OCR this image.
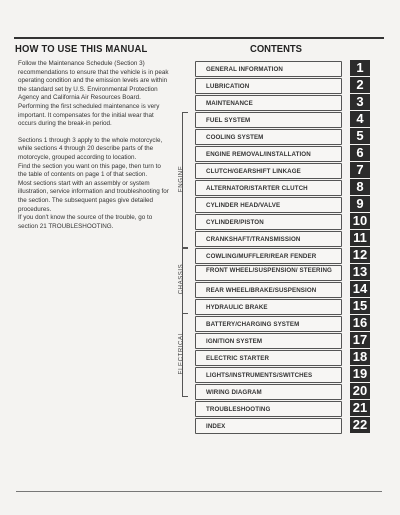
HOW TO USE THIS MANUAL	CONTENTS

Follow the Maintenance Schedule (Section 3) recommendations to ensure that the vehicle is in peak operating condition and the emission levels are within the standard set by U.S. Environmental Protection Agency and California Air Resources Board. Performing the first scheduled maintenance is very important. It compensates for the initial wear that occurs during the break-in period.

Sections 1 through 3 apply to the whole motorcycle, while sections 4 through 20 describe parts of the motorcycle, grouped according to location.
Find the section you want on this page, then turn to the table of contents on page 1 of that section.
Most sections start with an assembly or system illustration, service information and troubleshooting for the section. The subsequent pages give detailed procedures.
If you don't know the source of the trouble, go to section 21 TROUBLESHOOTING.

ENGINE
CHASSIS
ELECTRICAL
GENERAL INFORMATION	1
LUBRICATION	2
MAINTENANCE	3
FUEL SYSTEM	4
COOLING SYSTEM	5
ENGINE REMOVAL/INSTALLATION	6
CLUTCH/GEARSHIFT LINKAGE	7
ALTERNATOR/STARTER CLUTCH	8
CYLINDER HEAD/VALVE	9
CYLINDER/PISTON	10
CRANKSHAFT/TRANSMISSION	11
COWLING/MUFFLER/REAR FENDER	12
FRONT WHEEL/SUSPENSION/ STEERING	13
REAR WHEEL/BRAKE/SUSPENSION	14
HYDRAULIC BRAKE	15
BATTERY/CHARGING SYSTEM	16
IGNITION SYSTEM	17
ELECTRIC STARTER	18
LIGHTS/INSTRUMENTS/SWITCHES	19
WIRING DIAGRAM	20
TROUBLESHOOTING	21
INDEX	22
